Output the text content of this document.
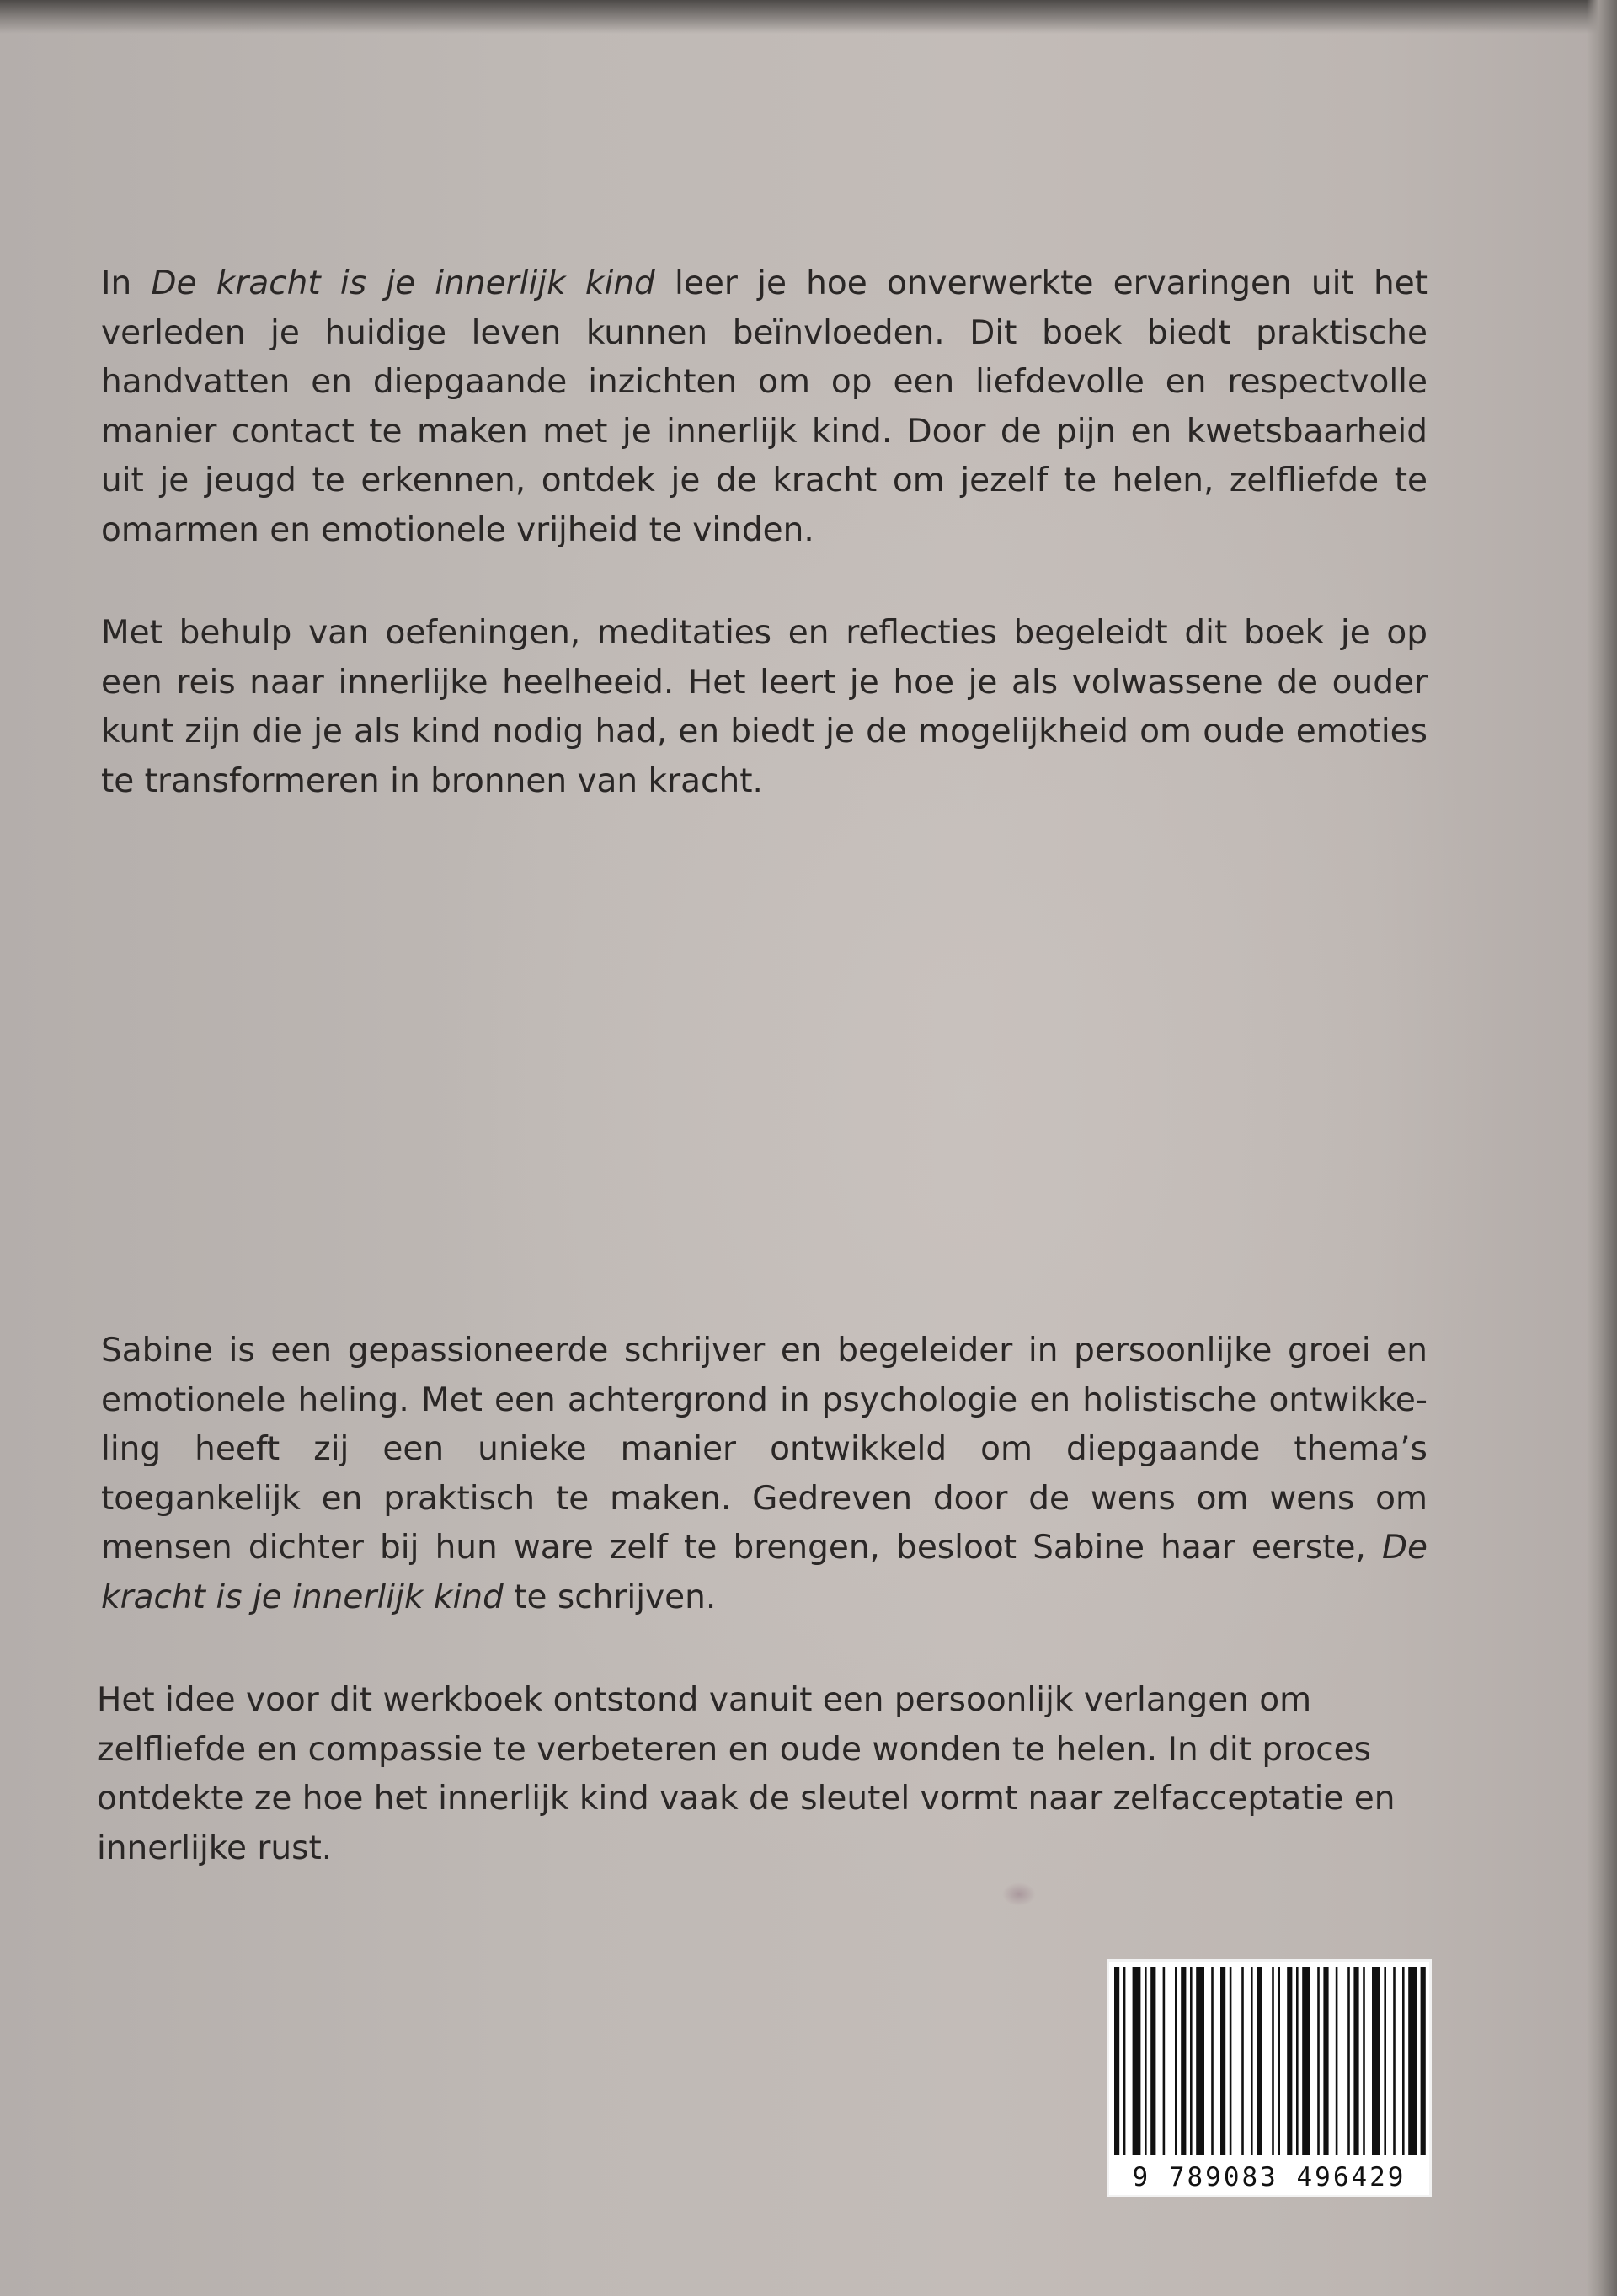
In De kracht is je innerlijk kind leer je hoe onverwerkte ervaringen uit het verleden je huidige leven kunnen beïnvloeden. Dit boek biedt praktische handvatten en diepgaande inzichten om op een liefdevolle en respectvolle manier contact te maken met je innerlijk kind. Door de pijn en kwetsbaarheid uit je jeugd te erkennen, ontdek je de kracht om jezelf te helen, zelfliefde te omarmen en emotionele vrijheid te vinden.

Met behulp van oefeningen, meditaties en reflecties begeleidt dit boek je op een reis naar innerlijke heelheeid. Het leert je hoe je als volwassene de ouder kunt zijn die je als kind nodig had, en biedt je de mogelijkheid om oude emoties te transformeren in bronnen van kracht.

Sabine is een gepassioneerde schrijver en begeleider in persoonlijke groei en emotionele heling. Met een achtergrond in psychologie en holistische ontwikkeling heeft zij een unieke manier ontwikkeld om diepgaande thema’s toegankelijk en praktisch te maken. Gedreven door de wens om wens om mensen dichter bij hun ware zelf te brengen, besloot Sabine haar eerste, De kracht is je innerlijk kind te schrijven.

Het idee voor dit werkboek ontstond vanuit een persoonlijk verlangen om zelfliefde en compassie te verbeteren en oude wonden te helen. In dit proces ontdekte ze hoe het innerlijk kind vaak de sleutel vormt naar zelfacceptatie en innerlijke rust.

9 789083 496429
